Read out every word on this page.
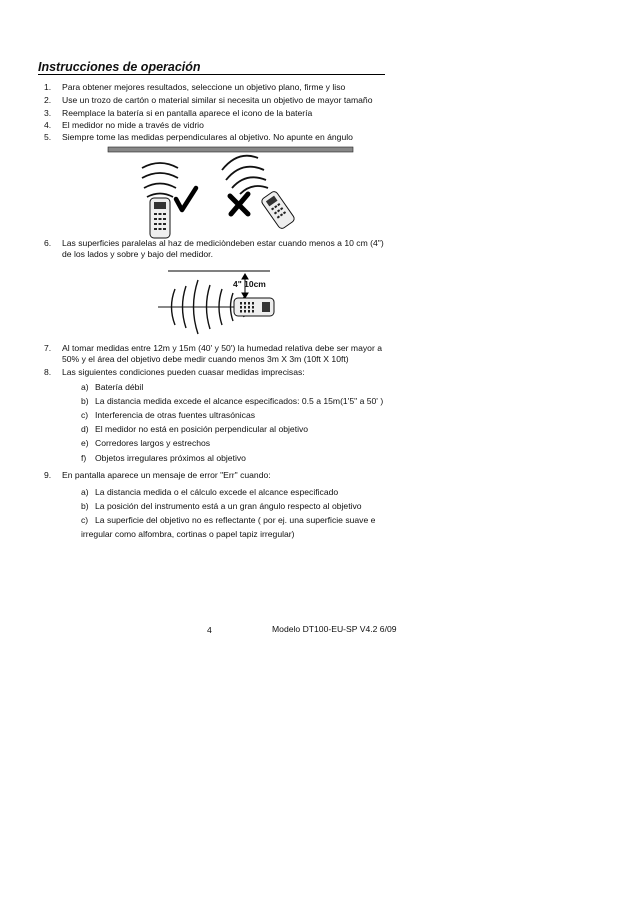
Instrucciones de operación
1.	Para obtener mejores resultados, seleccione un objetivo plano, firme y liso
2.	Use un trozo de cartón o material similar si necesita un objetivo de mayor tamaño
3.	Reemplace la batería si en pantalla aparece el icono de la batería
4.	El medidor no mide a través de vidrio
5.	Siempre tome las medidas perpendiculares al objetivo. No apunte en ángulo
6.	Las superficies paralelas al haz de mediciòndeben estar cuando menos a 10 cm (4")
de los lados y sobre y bajo del medidor.
4" 10cm
7.	Al tomar medidas entre 12m y 15m (40' y 50') la humedad relativa debe ser mayor a
50% y el área del objetivo debe medir cuando menos 3m X 3m (10ft X 10ft)
8.	Las siguientes condiciones pueden cuasar medidas imprecisas:
a) Batería débil
b) La distancia medida excede el alcance especificados: 0.5 a 15m(1'5" a 50' )
c) Interferencia de otras fuentes ultrasónicas
d) El medidor no está en posición perpendicular al objetivo
e) Corredores largos y estrechos
f) Objetos irregulares próximos al objetivo
9.	En pantalla aparece un mensaje de error "Err" cuando:
a) La distancia medida o el cálculo excede el alcance especificado
b) La posición del instrumento está a un gran ángulo respecto al objetivo
c) La superficie del objetivo no es reflectante ( por ej. una superficie suave e
irregular como alfombra, cortinas o papel tapiz irregular)
4	Modelo DT100-EU-SP V4.2 6/09
